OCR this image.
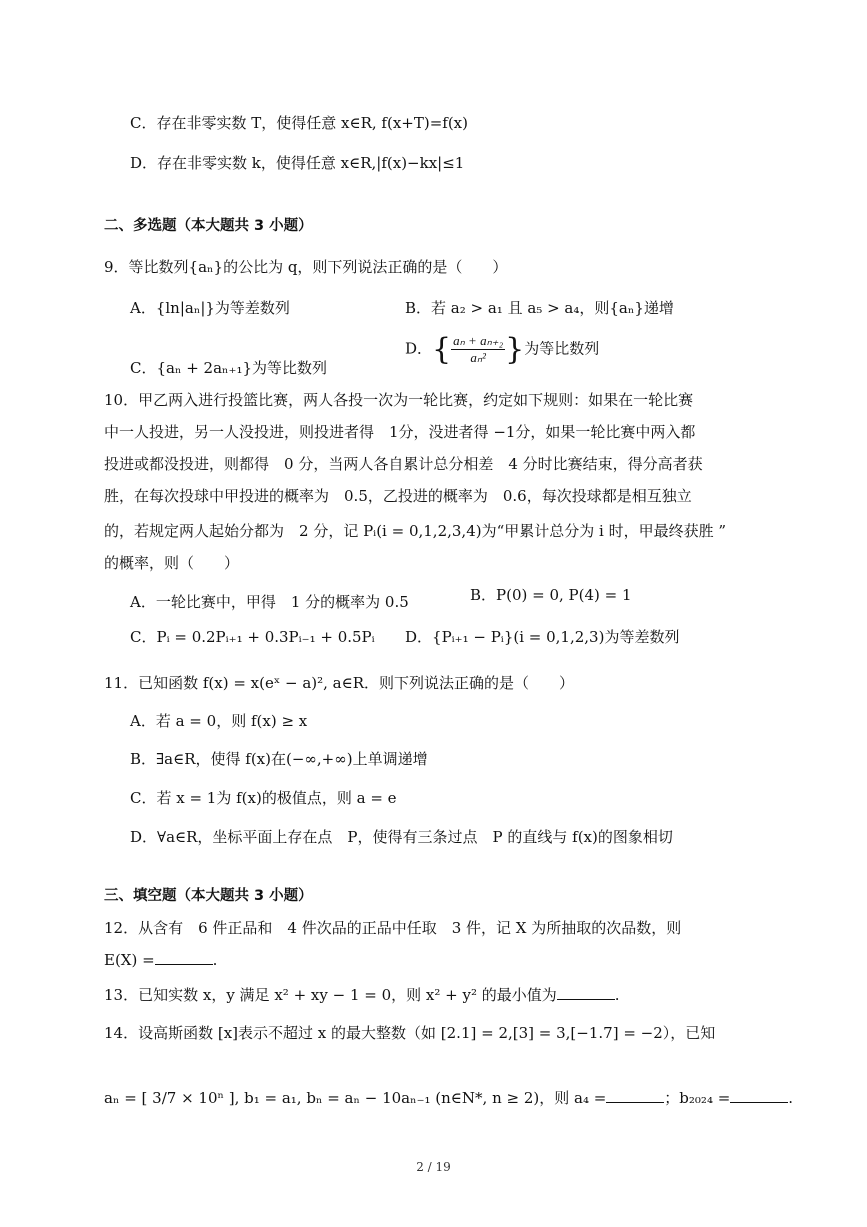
C．存在非零实数 T，使得任意 x∈R, f(x+T)=f(x)
D．存在非零实数 k，使得任意 x∈R,|f(x)−kx|≤1
二、多选题（本大题共 3 小题）
9．等比数列{aₙ}的公比为 q，则下列说法正确的是（　　）
A．{ln|aₙ|}为等差数列	B．若 a₂ > a₁ 且 a₅ > a₄，则{aₙ}递增
C．{aₙ + 2aₙ₊₁}为等比数列
D．{ $\frac{\text{aₙ + aₙ₊₂}}{\text{aₙ²}}$ }为等比数列
10．甲乙两入进行投篮比赛，两人各投一次为一轮比赛，约定如下规则：如果在一轮比赛
中一人投进，另一人没投进，则投进者得　1分，没进者得 −1分，如果一轮比赛中两入都
投进或都没投进，则都得　0 分，当两人各自累计总分相差　4 分时比赛结束，得分高者获
胜，在每次投球中甲投进的概率为　0.5，乙投进的概率为　0.6，每次投球都是相互独立
的，若规定两人起始分都为　2 分，记 Pᵢ(i = 0,1,2,3,4)为“甲累计总分为 i 时，甲最终获胜 ”
的概率，则（　　）
A．一轮比赛中，甲得　1 分的概率为 0.5	B．P(0) = 0, P(4) = 1
C．Pᵢ = 0.2Pᵢ₊₁ + 0.3Pᵢ₋₁ + 0.5Pᵢ D．{Pᵢ₊₁ − Pᵢ}(i = 0,1,2,3)为等差数列
11．已知函数 f(x) = x(eˣ − a)², a∈R．则下列说法正确的是（　　）
A．若 a = 0，则 f(x) ≥ x
B．∃a∈R，使得 f(x)在(−∞,+∞)上单调递增
C．若 x = 1为 f(x)的极值点，则 a = e
D．∀a∈R，坐标平面上存在点　P，使得有三条过点　P 的直线与 f(x)的图象相切
三、填空题（本大题共 3 小题）
12．从含有　6 件正品和　4 件次品的正品中任取　3 件，记 X 为所抽取的次品数，则
E(X) =	.
13．已知实数 x，y 满足 x² + xy − 1 = 0，则 x² + y² 的最小值为	.
14．设高斯函数 [x]表示不超过 x 的最大整数（如 [2.1] = 2,[3] = 3,[−1.7] = −2），已知
aₙ = [ 3/7 × 10ⁿ ], b₁ = a₁, bₙ = aₙ − 10aₙ₋₁ (n∈N*, n ≥ 2)，则 a₄ =	；b₂₀₂₄ =	.
2 / 19
